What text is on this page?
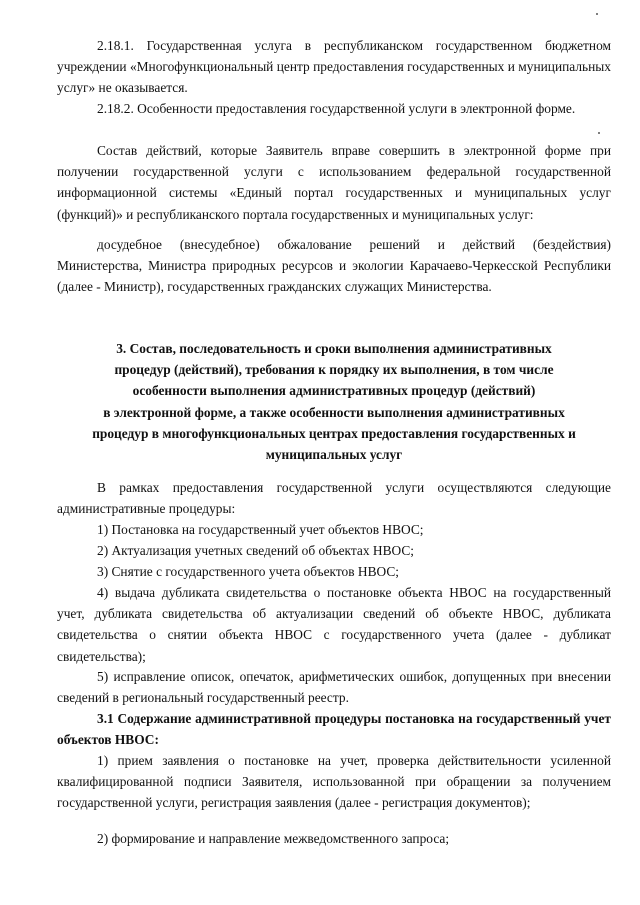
2.18.1. Государственная услуга в республиканском государственном бюджетном учреждении «Многофункциональный центр предоставления государственных и муниципальных услуг» не оказывается.

2.18.2. Особенности предоставления государственной услуги в электронной форме.

Состав действий, которые Заявитель вправе совершить в электронной форме при получении государственной услуги с использованием федеральной государственной информационной системы «Единый портал государственных и муниципальных услуг (функций)» и республиканского портала государственных и муниципальных услуг:

досудебное (внесудебное) обжалование решений и действий (бездействия) Министерства, Министра природных ресурсов и экологии Карачаево-Черкесской Республики (далее - Министр), государственных гражданских служащих Министерства.

3. Состав, последовательность и сроки выполнения административных
процедур (действий), требования к порядку их выполнения, в том числе
особенности выполнения административных процедур (действий)
в электронной форме, а также особенности выполнения административных
процедур в многофункциональных центрах предоставления государственных и
муниципальных услуг

В рамках предоставления государственной услуги осуществляются следующие административные процедуры:

1) Постановка на государственный учет объектов НВОС;

2) Актуализация учетных сведений об объектах НВОС;

3) Снятие с государственного учета объектов НВОС;

4) выдача дубликата свидетельства о постановке объекта НВОС на государственный учет, дубликата свидетельства об актуализации сведений об объекте НВОС, дубликата свидетельства о снятии объекта НВОС с государственного учета (далее - дубликат свидетельства);

5) исправление описок, опечаток, арифметических ошибок, допущенных при внесении сведений в региональный государственный реестр.

3.1 Содержание административной процедуры постановка на государственный учет объектов НВОС:

1) прием заявления о постановке на учет, проверка действительности усиленной квалифицированной подписи Заявителя, использованной при обращении за получением государственной услуги, регистрация заявления (далее - регистрация документов);

2) формирование и направление межведомственного запроса;
